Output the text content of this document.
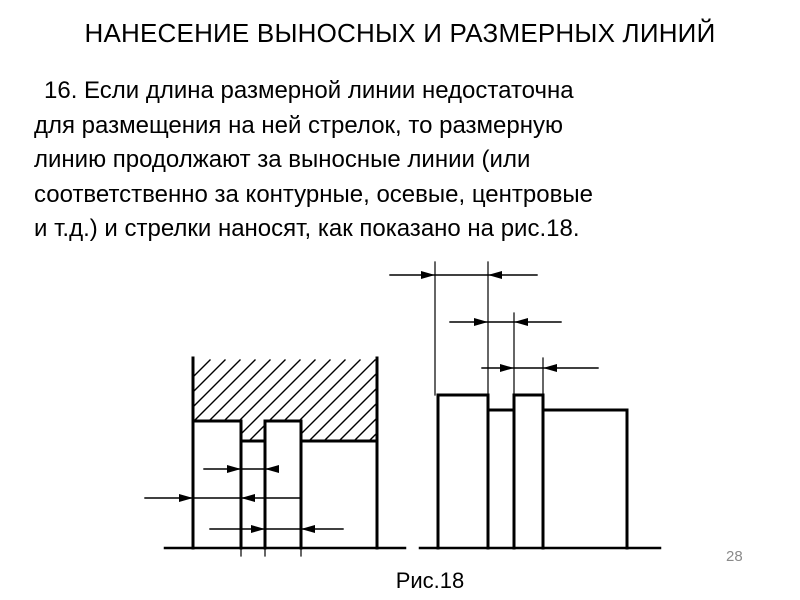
НАНЕСЕНИЕ ВЫНОСНЫХ И РАЗМЕРНЫХ ЛИНИЙ

16. Если длина размерной линии недостаточна
для размещения на ней стрелок, то размерную
линию продолжают за выносные линии (или
соответственно за контурные, осевые, центровые
и т.д.) и стрелки наносят, как показано на рис.18.

28
Рис.18
